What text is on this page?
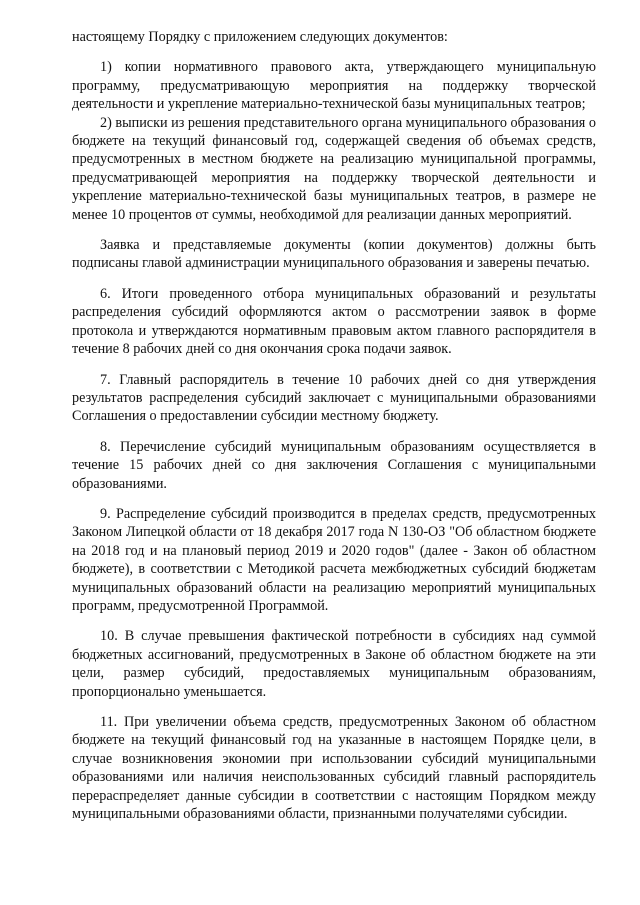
настоящему Порядку с приложением следующих документов:

1) копии нормативного правового акта, утверждающего муниципальную программу, предусматривающую мероприятия на поддержку творческой деятельности и укрепление материально-технической базы муниципальных театров;

2) выписки из решения представительного органа муниципального образования о бюджете на текущий финансовый год, содержащей сведения об объемах средств, предусмотренных в местном бюджете на реализацию муниципальной программы, предусматривающей мероприятия на поддержку творческой деятельности и укрепление материально-технической базы муниципальных театров, в размере не менее 10 процентов от суммы, необходимой для реализации данных мероприятий.

Заявка и представляемые документы (копии документов) должны быть подписаны главой администрации муниципального образования и заверены печатью.

6. Итоги проведенного отбора муниципальных образований и результаты распределения субсидий оформляются актом о рассмотрении заявок в форме протокола и утверждаются нормативным правовым актом главного распорядителя в течение 8 рабочих дней со дня окончания срока подачи заявок.

7. Главный распорядитель в течение 10 рабочих дней со дня утверждения результатов распределения субсидий заключает с муниципальными образованиями Соглашения о предоставлении субсидии местному бюджету.

8. Перечисление субсидий муниципальным образованиям осуществляется в течение 15 рабочих дней со дня заключения Соглашения с муниципальными образованиями.

9. Распределение субсидий производится в пределах средств, предусмотренных Законом Липецкой области от 18 декабря 2017 года N 130-ОЗ "Об областном бюджете на 2018 год и на плановый период 2019 и 2020 годов" (далее - Закон об областном бюджете), в соответствии с Методикой расчета межбюджетных субсидий бюджетам муниципальных образований области на реализацию мероприятий муниципальных программ, предусмотренной Программой.

10. В случае превышения фактической потребности в субсидиях над суммой бюджетных ассигнований, предусмотренных в Законе об областном бюджете на эти цели, размер субсидий, предоставляемых муниципальным образованиям, пропорционально уменьшается.

11. При увеличении объема средств, предусмотренных Законом об областном бюджете на текущий финансовый год на указанные в настоящем Порядке цели, в случае возникновения экономии при использовании субсидий муниципальными образованиями или наличия неиспользованных субсидий главный распорядитель перераспределяет данные субсидии в соответствии с настоящим Порядком между муниципальными образованиями области, признанными получателями субсидии.
